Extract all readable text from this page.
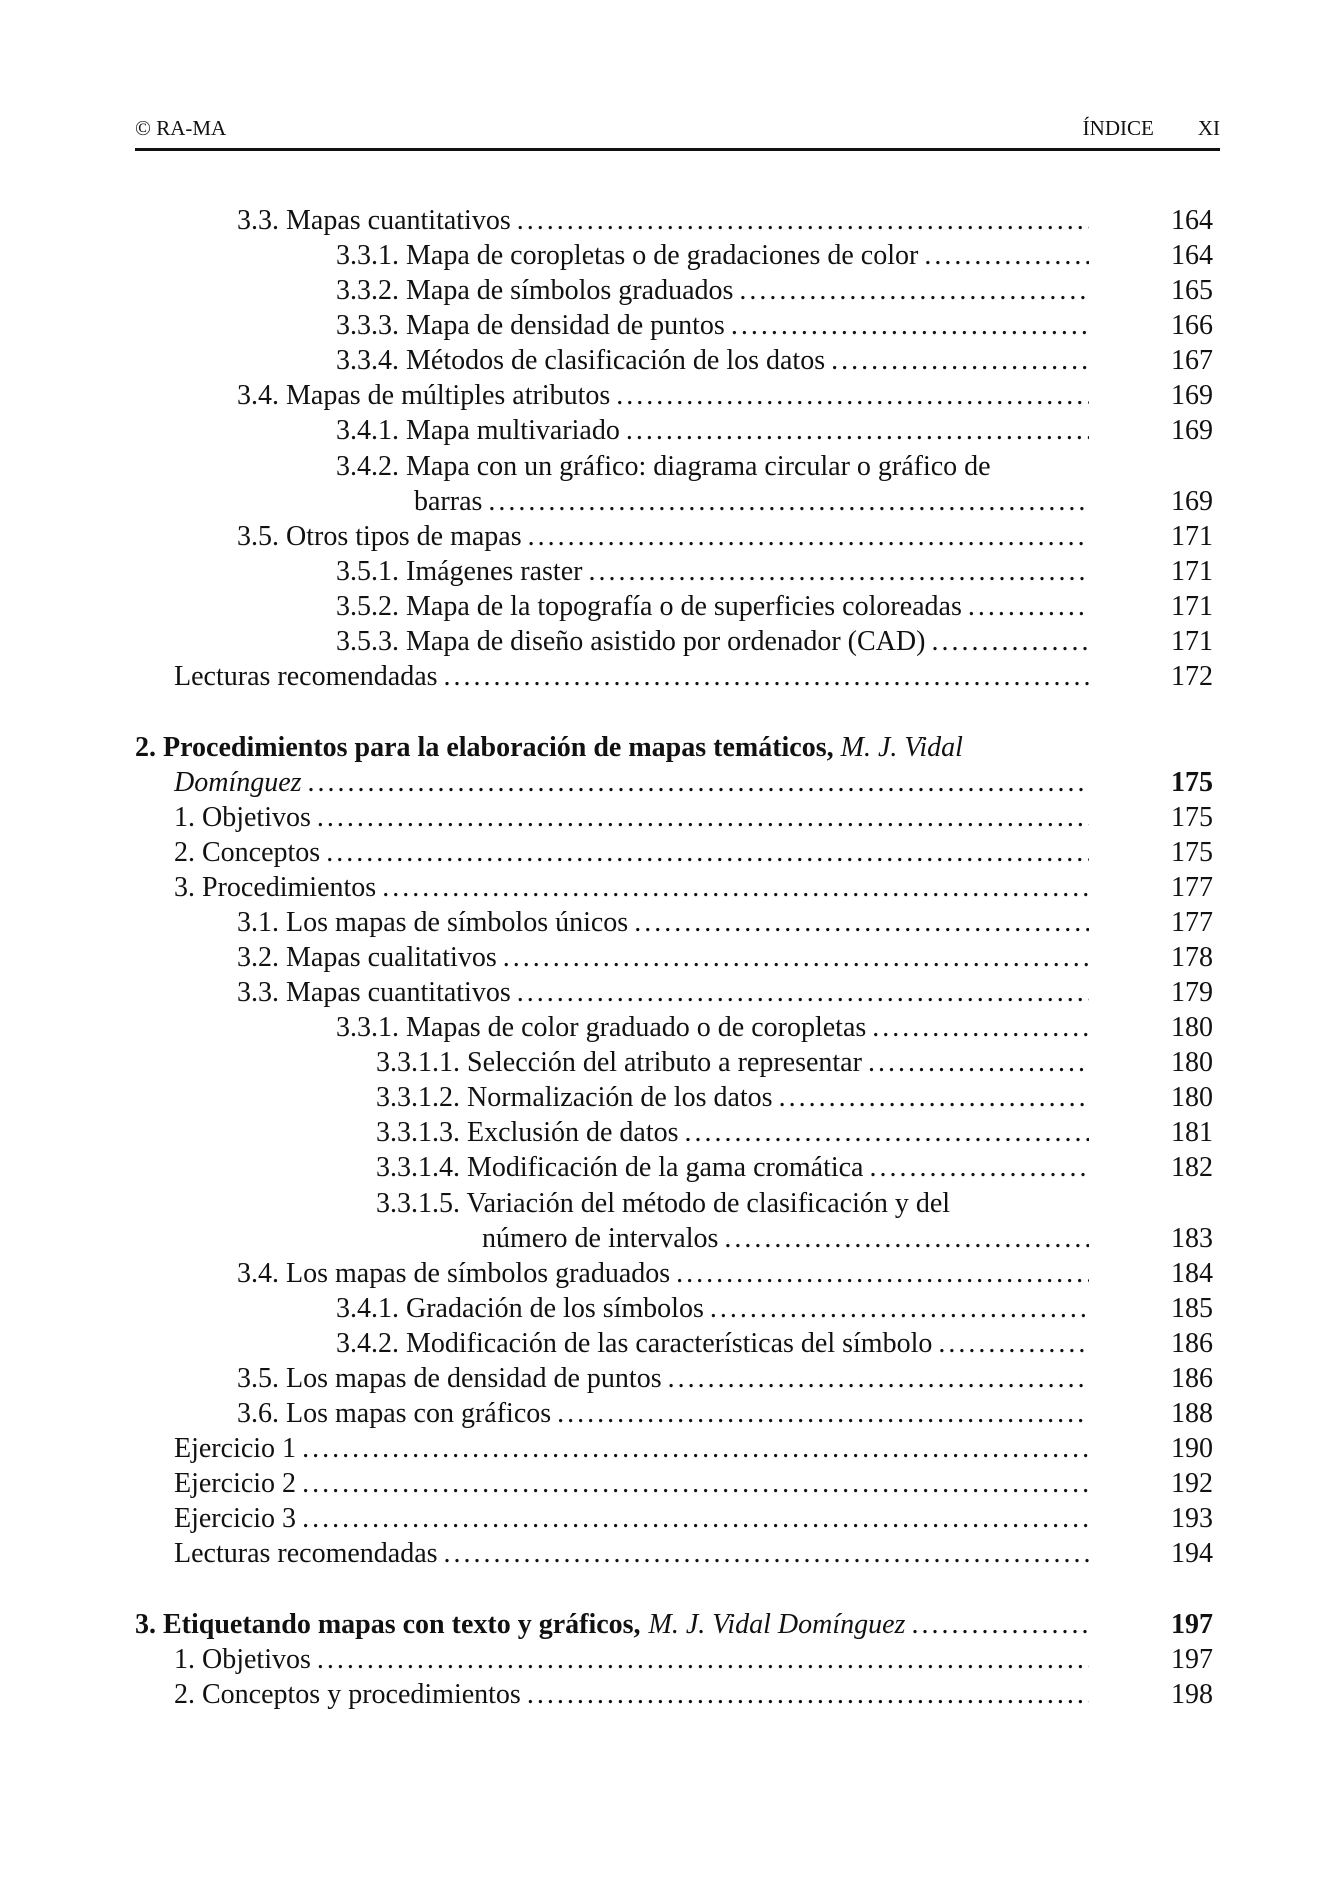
© RA-MA	ÍNDICE XI
3.3. Mapas cuantitativos . . .	164
3.3.1. Mapa de coropletas o de gradaciones de color . . .	164
3.3.2. Mapa de símbolos graduados . . .	165
3.3.3. Mapa de densidad de puntos . . .	166
3.3.4. Métodos de clasificación de los datos . . .	167
3.4. Mapas de múltiples atributos . . .	169
3.4.1. Mapa multivariado . . .	169
3.4.2. Mapa con un gráfico: diagrama circular o gráfico de
barras . . .	169
3.5. Otros tipos de mapas . . .	171
3.5.1. Imágenes raster . . .	171
3.5.2. Mapa de la topografía o de superficies coloreadas . . .	171
3.5.3. Mapa de diseño asistido por ordenador (CAD) . . .	171
Lecturas recomendadas . . .	172
2. Procedimientos para la elaboración de mapas temáticos, M. J. Vidal
Domínguez . . .	175
1. Objetivos . . .	175
2. Conceptos . . .	175
3. Procedimientos . . .	177
3.1. Los mapas de símbolos únicos . . .	177
3.2. Mapas cualitativos . . .	178
3.3. Mapas cuantitativos . . .	179
3.3.1. Mapas de color graduado o de coropletas . . .	180
3.3.1.1. Selección del atributo a representar . . .	180
3.3.1.2. Normalización de los datos . . .	180
3.3.1.3. Exclusión de datos . . .	181
3.3.1.4. Modificación de la gama cromática . . .	182
3.3.1.5. Variación del método de clasificación y del
número de intervalos . . .	183
3.4. Los mapas de símbolos graduados . . .	184
3.4.1. Gradación de los símbolos . . .	185
3.4.2. Modificación de las características del símbolo . . .	186
3.5. Los mapas de densidad de puntos . . .	186
3.6. Los mapas con gráficos . . .	188
Ejercicio 1 . . .	190
Ejercicio 2 . . .	192
Ejercicio 3 . . .	193
Lecturas recomendadas . . .	194
3. Etiquetando mapas con texto y gráficos, M. J. Vidal Domínguez . . .	197
1. Objetivos . . .	197
2. Conceptos y procedimientos . . .	198
